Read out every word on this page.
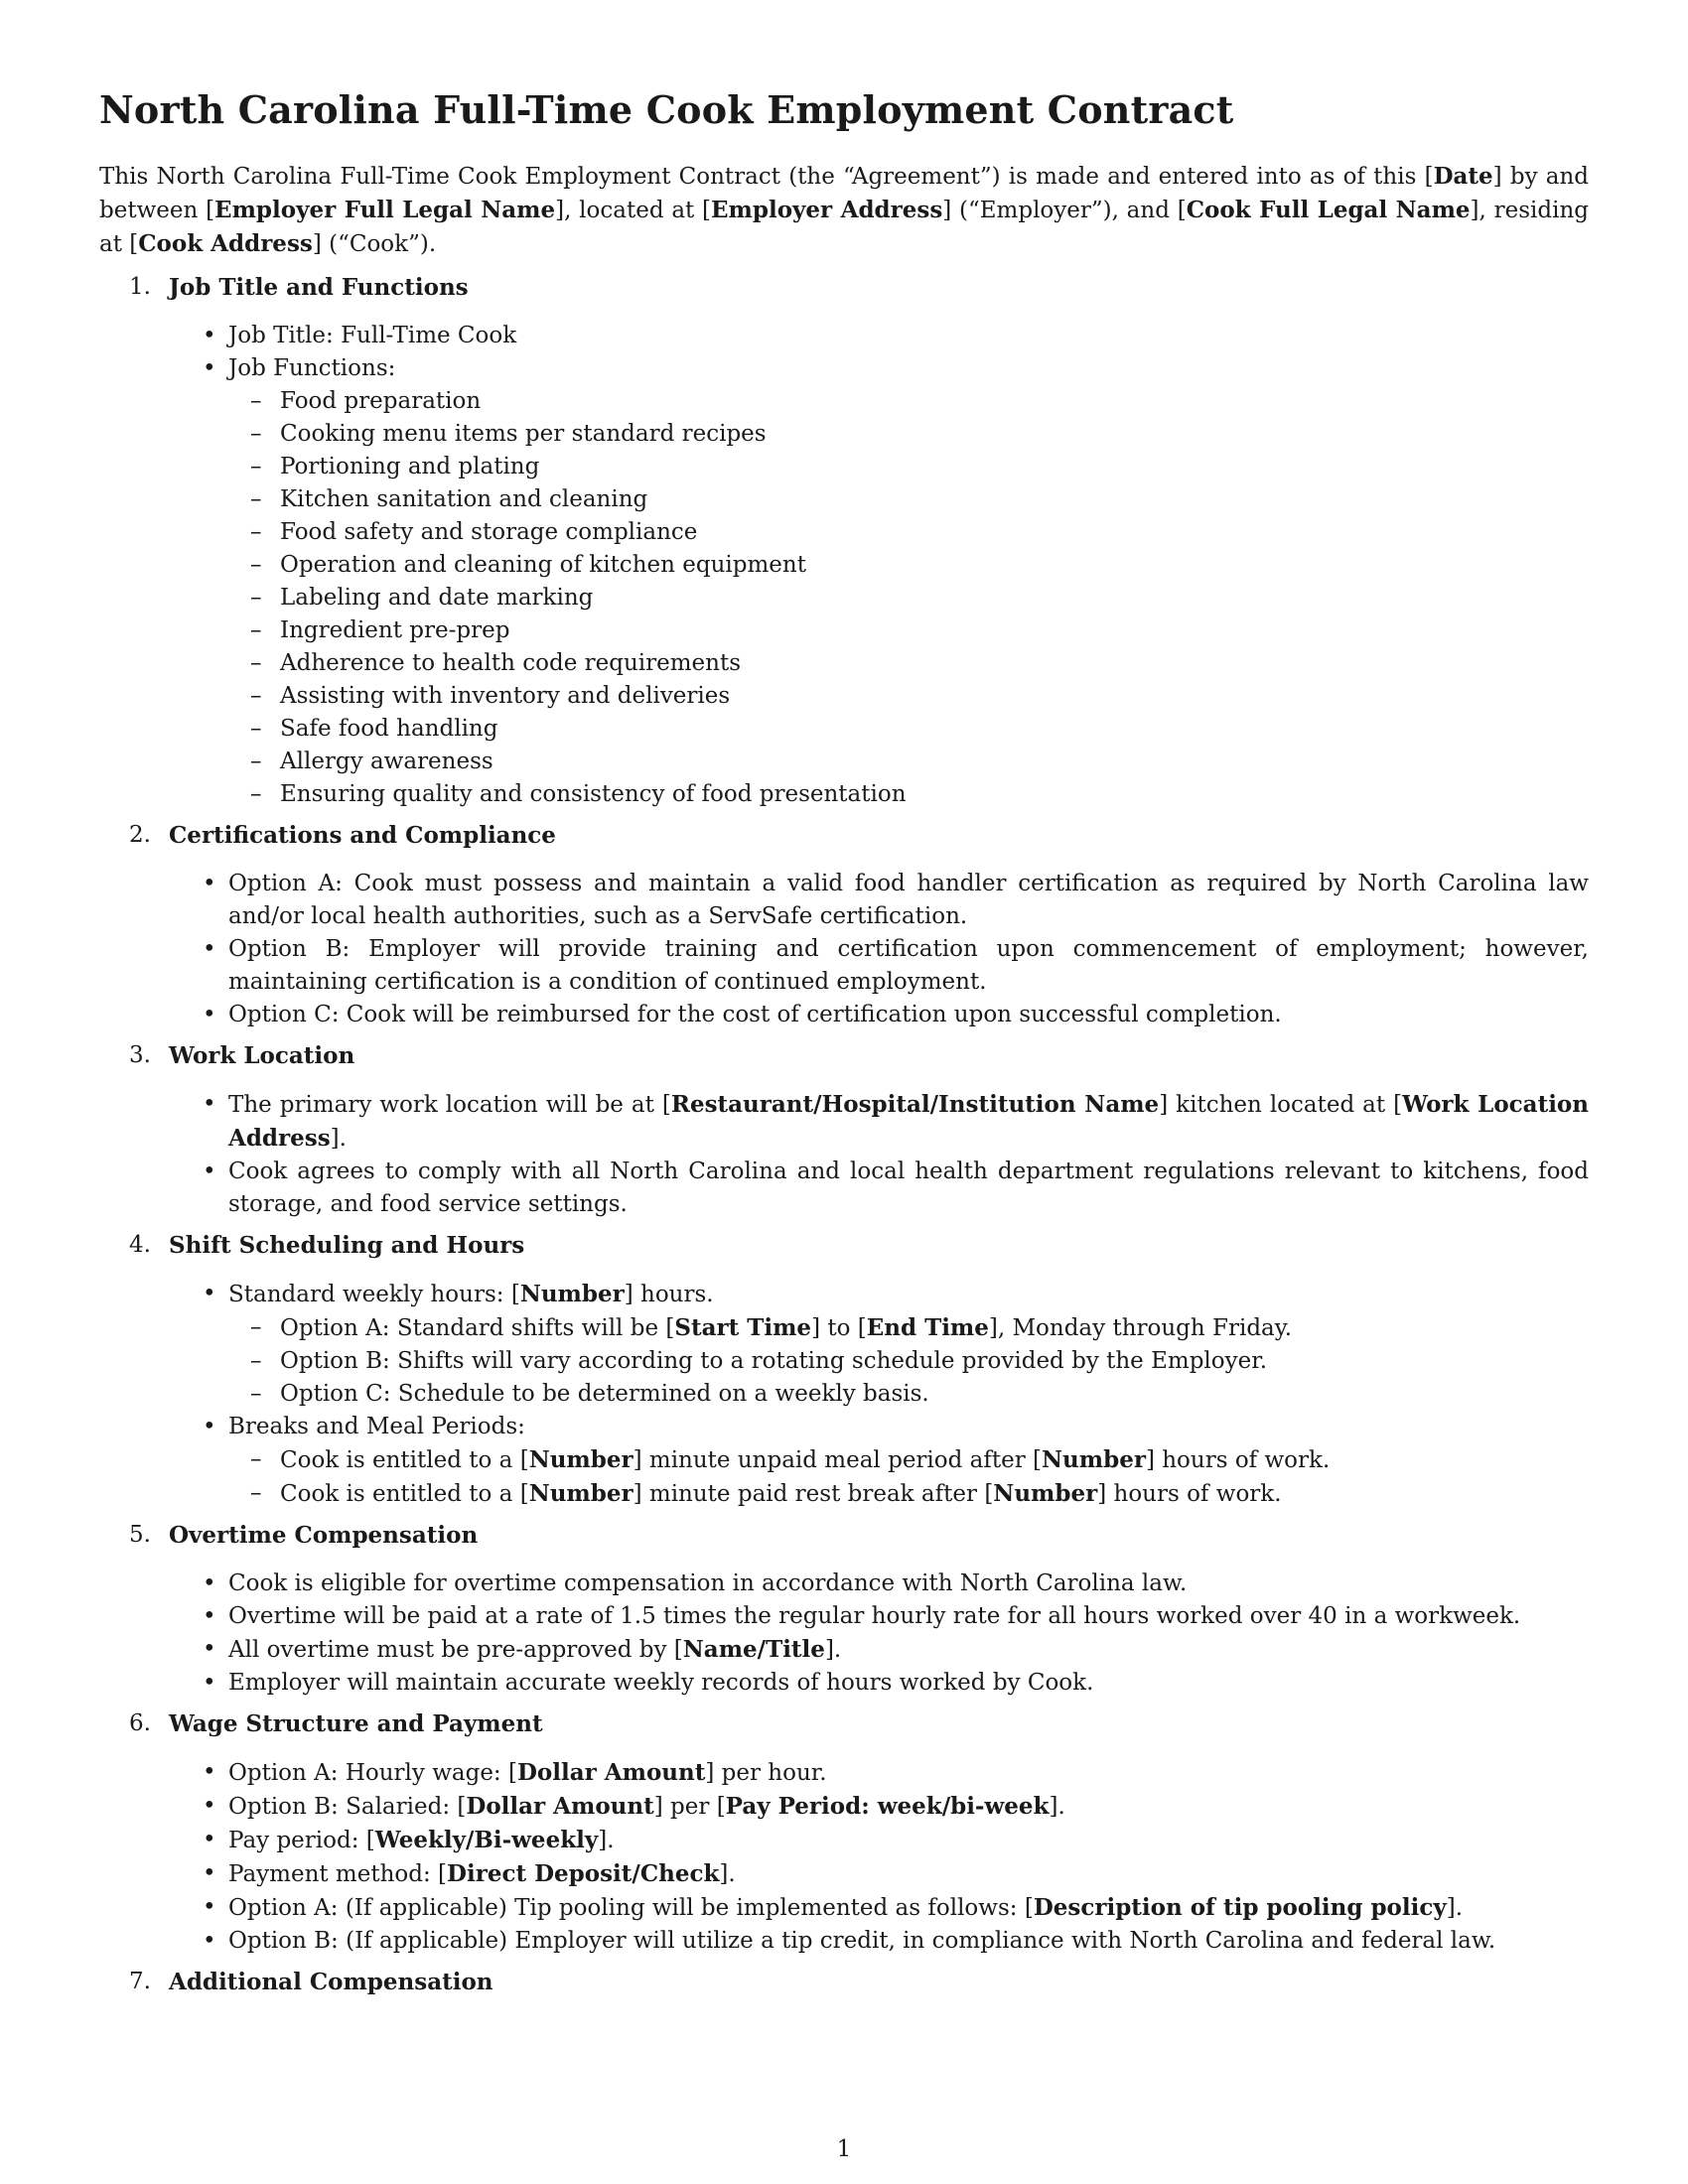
North Carolina Full-Time Cook Employment Contract

This North Carolina Full-Time Cook Employment Contract (the “Agreement”) is made and entered into as of this [Date] by and between [Employer Full Legal Name], located at [Employer Address] (“Employer”), and [Cook Full Legal Name], residing at [Cook Address] (“Cook”).

1. Job Title and Functions
• Job Title: Full-Time Cook
• Job Functions:
– Food preparation
– Cooking menu items per standard recipes
– Portioning and plating
– Kitchen sanitation and cleaning
– Food safety and storage compliance
– Operation and cleaning of kitchen equipment
– Labeling and date marking
– Ingredient pre-prep
– Adherence to health code requirements
– Assisting with inventory and deliveries
– Safe food handling
– Allergy awareness
– Ensuring quality and consistency of food presentation
2. Certifications and Compliance
• Option A: Cook must possess and maintain a valid food handler certification as required by North Carolina law and/or local health authorities, such as a ServSafe certification.
• Option B: Employer will provide training and certification upon commencement of employment; however, maintaining certification is a condition of continued employment.
• Option C: Cook will be reimbursed for the cost of certification upon successful completion.
3. Work Location
• The primary work location will be at [Restaurant/Hospital/Institution Name] kitchen located at [Work Location Address].
• Cook agrees to comply with all North Carolina and local health department regulations relevant to kitchens, food storage, and food service settings.
4. Shift Scheduling and Hours
• Standard weekly hours: [Number] hours.
– Option A: Standard shifts will be [Start Time] to [End Time], Monday through Friday.
– Option B: Shifts will vary according to a rotating schedule provided by the Employer.
– Option C: Schedule to be determined on a weekly basis.
• Breaks and Meal Periods:
– Cook is entitled to a [Number] minute unpaid meal period after [Number] hours of work.
– Cook is entitled to a [Number] minute paid rest break after [Number] hours of work.
5. Overtime Compensation
• Cook is eligible for overtime compensation in accordance with North Carolina law.
• Overtime will be paid at a rate of 1.5 times the regular hourly rate for all hours worked over 40 in a workweek.
• All overtime must be pre-approved by [Name/Title].
• Employer will maintain accurate weekly records of hours worked by Cook.
6. Wage Structure and Payment
• Option A: Hourly wage: [Dollar Amount] per hour.
• Option B: Salaried: [Dollar Amount] per [Pay Period: week/bi-week].
• Pay period: [Weekly/Bi-weekly].
• Payment method: [Direct Deposit/Check].
• Option A: (If applicable) Tip pooling will be implemented as follows: [Description of tip pooling policy].
• Option B: (If applicable) Employer will utilize a tip credit, in compliance with North Carolina and federal law.
7. Additional Compensation
1
